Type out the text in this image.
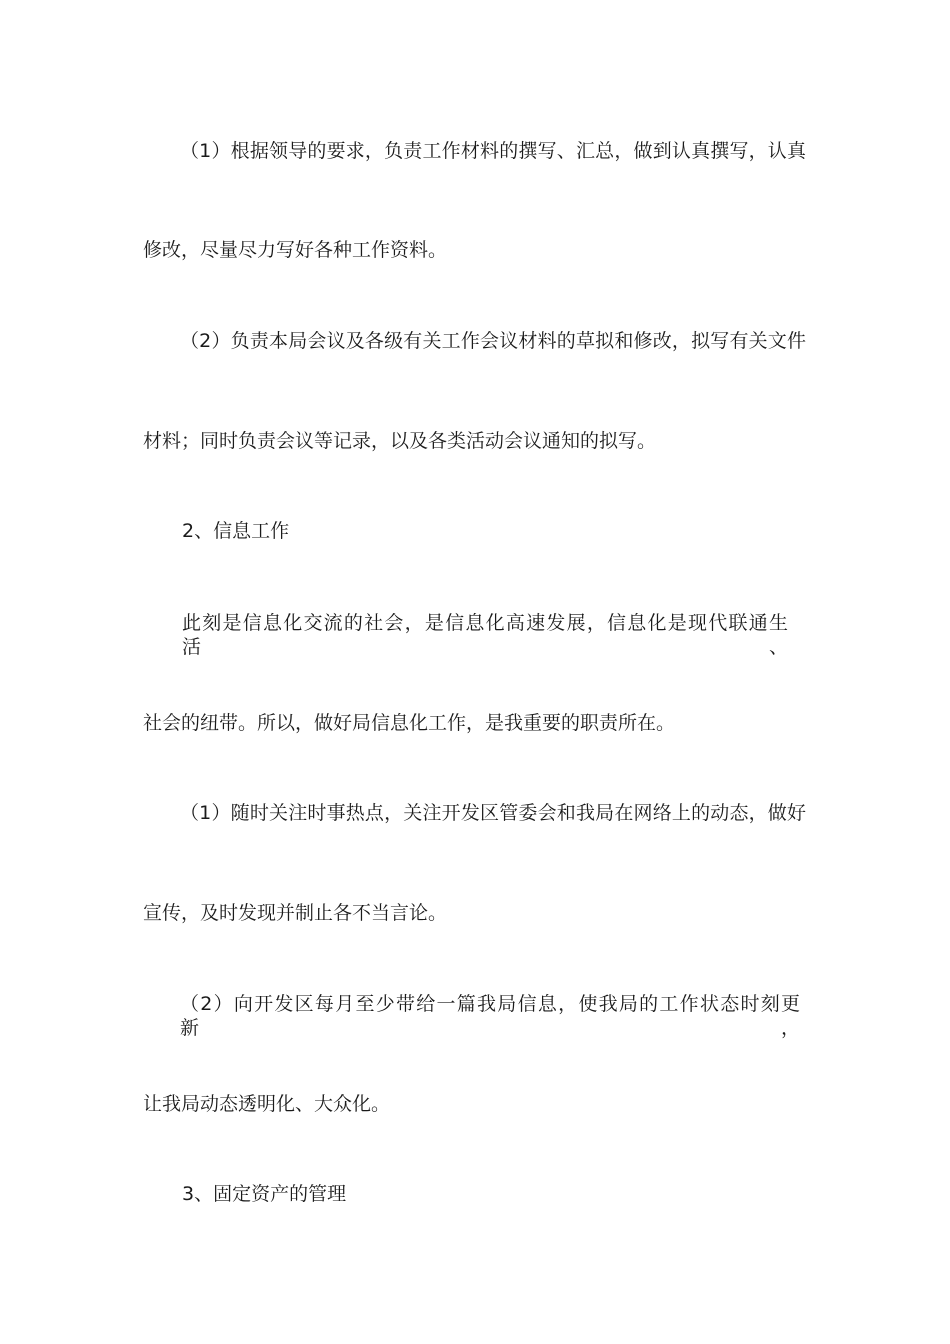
（1）根据领导的要求，负责工作材料的撰写、汇总，做到认真撰写，认真
修改，尽量尽力写好各种工作资料。
（2）负责本局会议及各级有关工作会议材料的草拟和修改，拟写有关文件
材料；同时负责会议等记录，以及各类活动会议通知的拟写。
2、信息工作
此刻是信息化交流的社会，是信息化高速发展，信息化是现代联通生活、
社会的纽带。所以，做好局信息化工作，是我重要的职责所在。
（1）随时关注时事热点，关注开发区管委会和我局在网络上的动态，做好
宣传，及时发现并制止各不当言论。
（2）向开发区每月至少带给一篇我局信息，使我局的工作状态时刻更新，
让我局动态透明化、大众化。
3、固定资产的管理
